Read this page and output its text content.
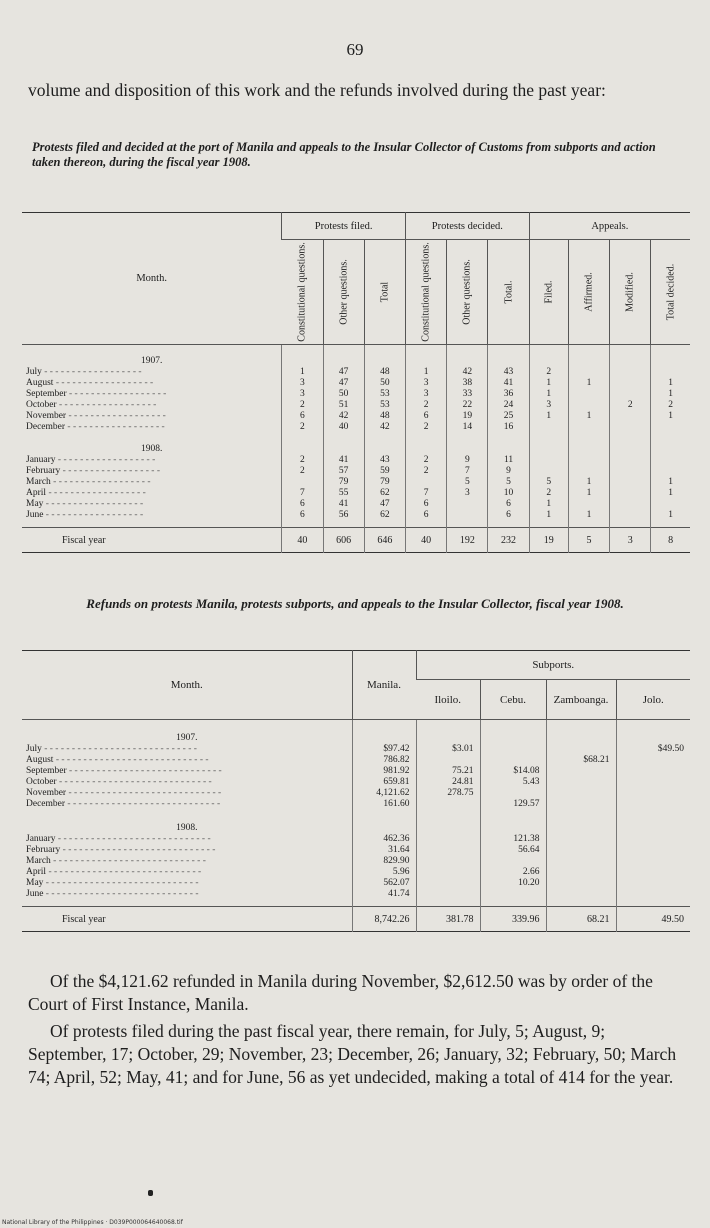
69
volume and disposition of this work and the refunds involved during the past year:
Protests filed and decided at the port of Manila and appeals to the Insular Collector of Customs from subports and action taken thereon, during the fiscal year 1908.
Month.	Protests filed.			Protests decided.			Appeals.			

	Constitutional questions.	Other questions.	Total	Constitutional questions.	Other questions.	Total.	Filed.	Affirmed.	Modified.	Total decided.

1907.										
July - - - - - - - - - - - - - - - - - -	1	47	48	1	42	43	2			
August - - - - - - - - - - - - - - - - - -	3	47	50	3	38	41	1	1		1
September - - - - - - - - - - - - - - - - - -	3	50	53	3	33	36	1			1
October - - - - - - - - - - - - - - - - - -	2	51	53	2	22	24	3		2	2
November - - - - - - - - - - - - - - - - - -	6	42	48	6	19	25	1	1		1
December - - - - - - - - - - - - - - - - - -	2	40	42	2	14	16				
1908.										
January - - - - - - - - - - - - - - - - - -	2	41	43	2	9	11				
February - - - - - - - - - - - - - - - - - -	2	57	59	2	7	9				
March - - - - - - - - - - - - - - - - - -		79	79		5	5	5	1		1
April - - - - - - - - - - - - - - - - - -	7	55	62	7	3	10	2	1		1
May - - - - - - - - - - - - - - - - - -	6	41	47	6		6	1			
June - - - - - - - - - - - - - - - - - -	6	56	62	6		6	1	1		1

Fiscal year	40	606	646	40	192	232	19	5	3	8
Refunds on protests Manila, protests subports, and appeals to the Insular Collector, fiscal year 1908.
Month.	Manila.	Subports.			
		Iloilo.	Cebu.	Zamboanga.	Jolo.
1907.					
July - - - - - - - - - - - - - - - - - - - - - - - - - - - -	$97.42	$3.01			$49.50
August - - - - - - - - - - - - - - - - - - - - - - - - - - - -	786.82			$68.21	
September - - - - - - - - - - - - - - - - - - - - - - - - - - - -	981.92	75.21	$14.08		
October - - - - - - - - - - - - - - - - - - - - - - - - - - - -	659.81	24.81	5.43		
November - - - - - - - - - - - - - - - - - - - - - - - - - - - -	4,121.62	278.75			
December - - - - - - - - - - - - - - - - - - - - - - - - - - - -	161.60		129.57		
1908.					
January - - - - - - - - - - - - - - - - - - - - - - - - - - - -	462.36		121.38		
February - - - - - - - - - - - - - - - - - - - - - - - - - - - -	31.64		56.64		
March - - - - - - - - - - - - - - - - - - - - - - - - - - - -	829.90				
April - - - - - - - - - - - - - - - - - - - - - - - - - - - -	5.96		2.66		
May - - - - - - - - - - - - - - - - - - - - - - - - - - - -	562.07		10.20		
June - - - - - - - - - - - - - - - - - - - - - - - - - - - -	41.74				

Fiscal year	8,742.26	381.78	339.96	68.21	49.50
Of the $4,121.62 refunded in Manila during November, $2,612.50 was by order of the Court of First Instance, Manila.
Of protests filed during the past fiscal year, there remain, for July, 5; August, 9; September, 17; October, 29; November, 23; December, 26; January, 32; February, 50; March 74; April, 52; May, 41; and for June, 56 as yet undecided, making a total of 414 for the year.
National Library of the Philippines · D039P000064640068.tif
